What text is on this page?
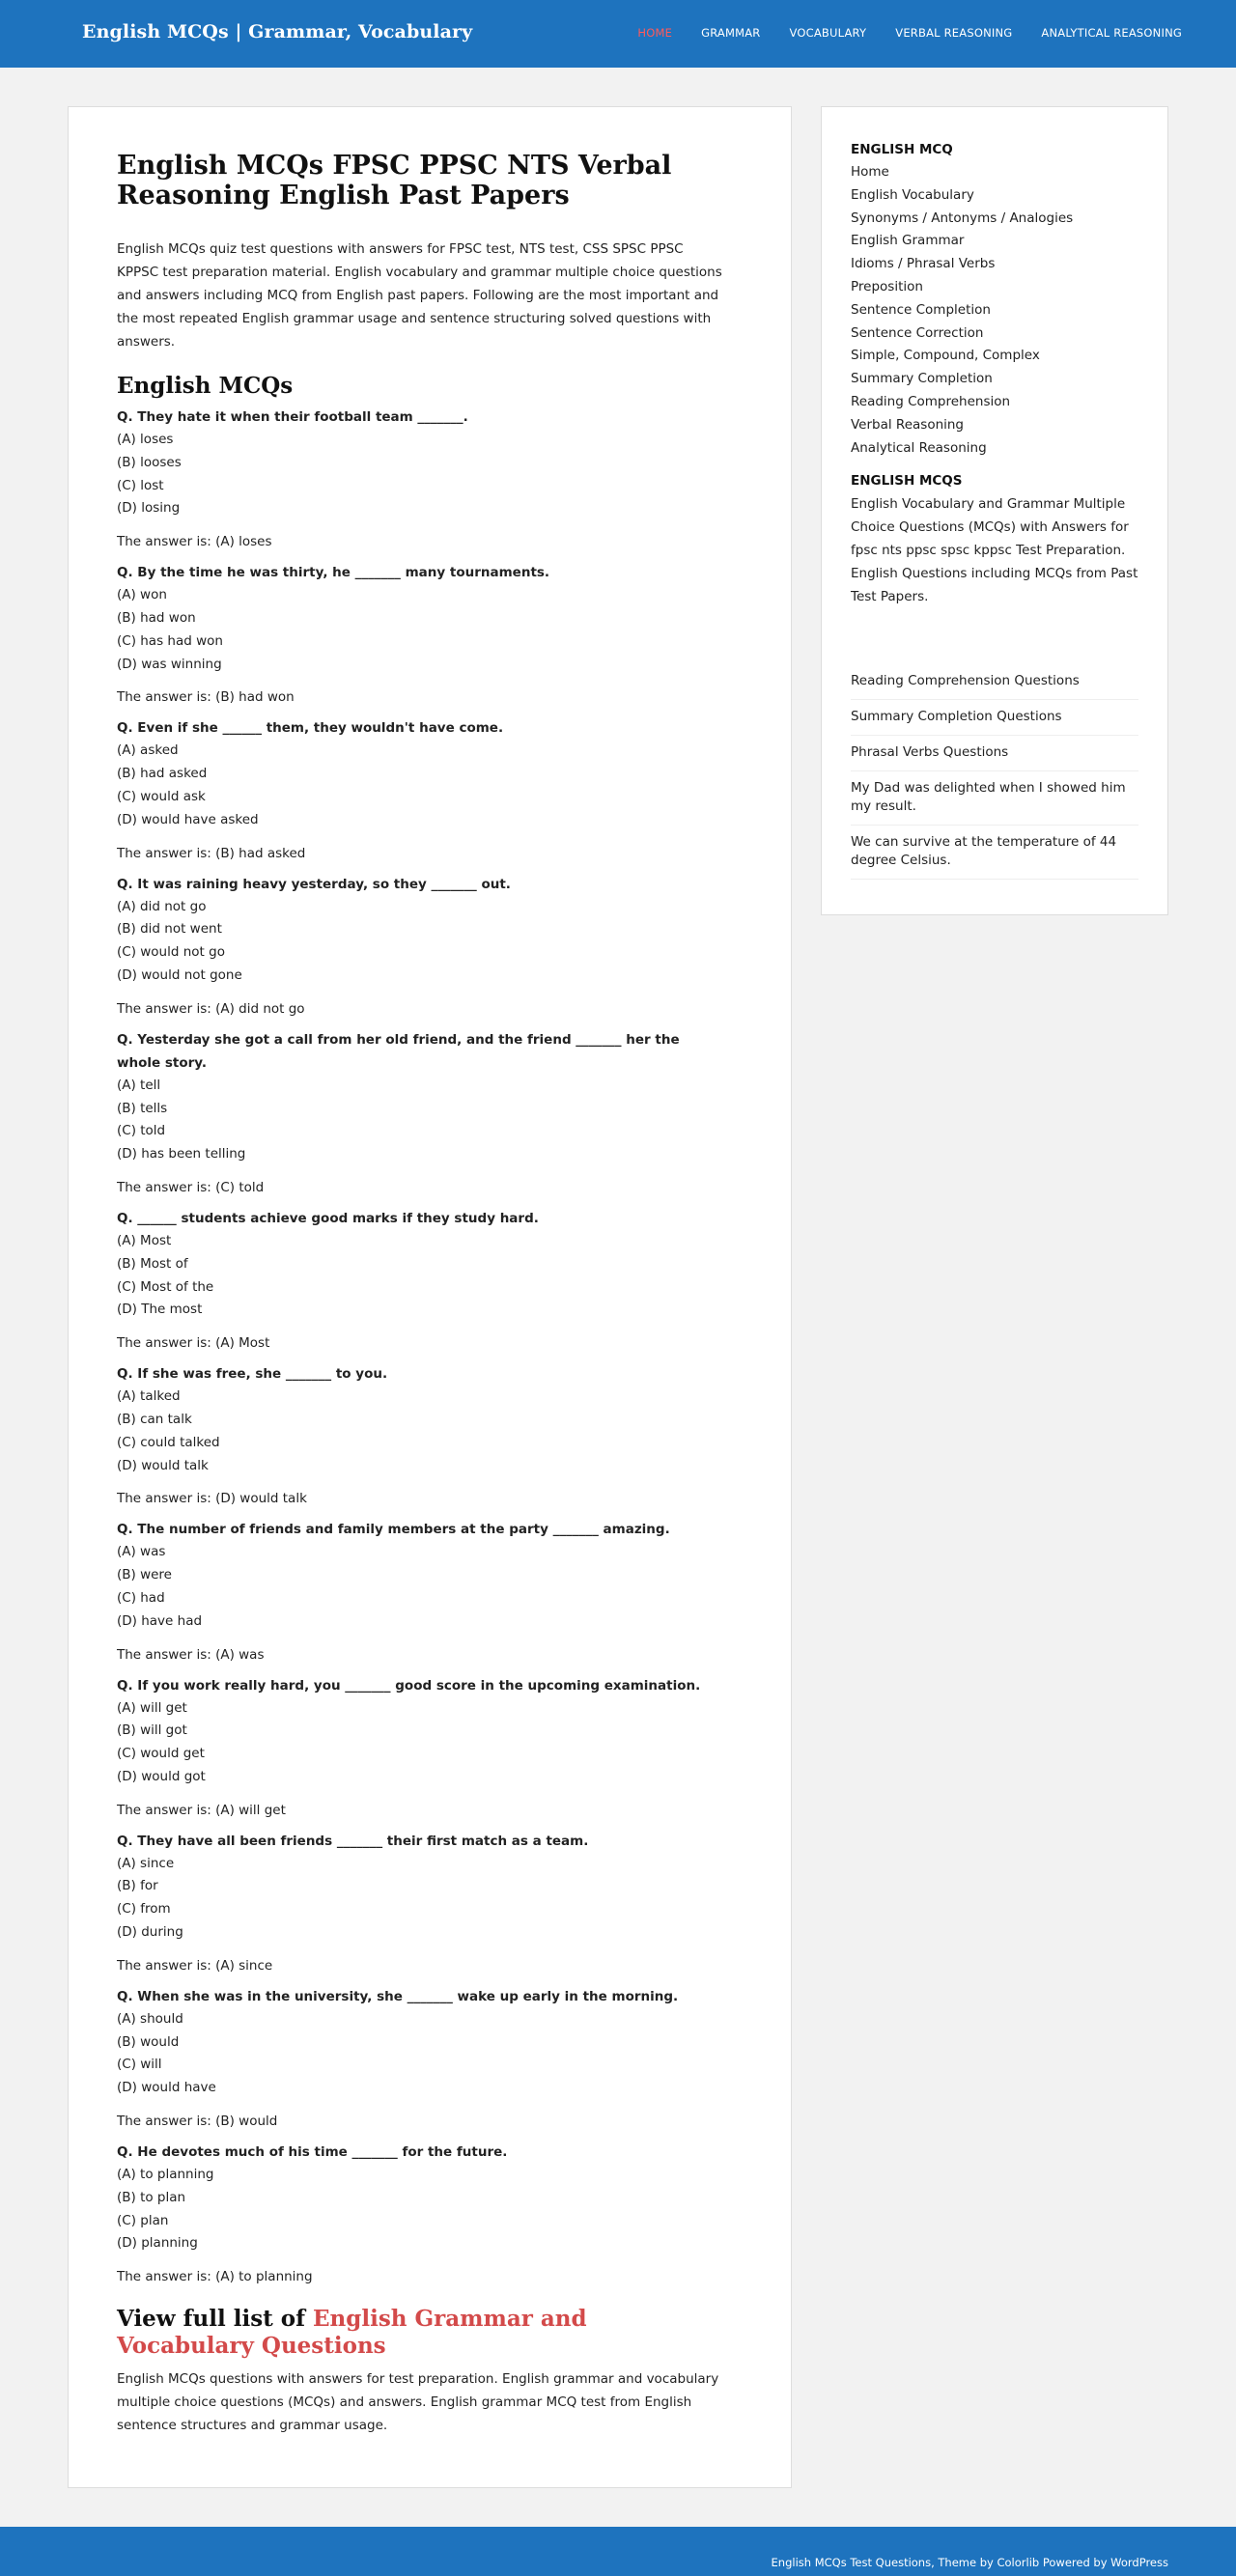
English MCQs | Grammar, Vocabulary	HOME	GRAMMAR	VOCABULARY	VERBAL REASONING	ANALYTICAL REASONING
English MCQs FPSC PPSC NTS Verbal Reasoning English Past Papers

English MCQs quiz test questions with answers for FPSC test, NTS test, CSS SPSC PPSC KPPSC test preparation material. English vocabulary and grammar multiple choice questions and answers including MCQ from English past papers. Following are the most important and the most repeated English grammar usage and sentence structuring solved questions with answers.

English MCQs
Q. They hate it when their football team _______.
(A) loses
(B) looses
(C) lost
(D) losing
The answer is: (A) loses
Q. By the time he was thirty, he _______ many tournaments.
(A) won
(B) had won
(C) has had won
(D) was winning
The answer is: (B) had won
Q. Even if she ______ them, they wouldn't have come.
(A) asked
(B) had asked
(C) would ask
(D) would have asked
The answer is: (B) had asked
Q. It was raining heavy yesterday, so they _______ out.
(A) did not go
(B) did not went
(C) would not go
(D) would not gone
The answer is: (A) did not go
Q. Yesterday she got a call from her old friend, and the friend _______ her the whole story.
(A) tell
(B) tells
(C) told
(D) has been telling
The answer is: (C) told
Q. ______ students achieve good marks if they study hard.
(A) Most
(B) Most of
(C) Most of the
(D) The most
The answer is: (A) Most
Q. If she was free, she _______ to you.
(A) talked
(B) can talk
(C) could talked
(D) would talk
The answer is: (D) would talk
Q. The number of friends and family members at the party _______ amazing.
(A) was
(B) were
(C) had
(D) have had
The answer is: (A) was
Q. If you work really hard, you _______ good score in the upcoming examination.
(A) will get
(B) will got
(C) would get
(D) would got
The answer is: (A) will get
Q. They have all been friends _______ their first match as a team.
(A) since
(B) for
(C) from
(D) during
The answer is: (A) since
Q. When she was in the university, she _______ wake up early in the morning.
(A) should
(B) would
(C) will
(D) would have
The answer is: (B) would
Q. He devotes much of his time _______ for the future.
(A) to planning
(B) to plan
(C) plan
(D) planning
The answer is: (A) to planning
View full list of English Grammar and Vocabulary Questions

English MCQs questions with answers for test preparation. English grammar and vocabulary multiple choice questions (MCQs) and answers. English grammar MCQ test from English sentence structures and grammar usage.

ENGLISH MCQ
Home
English Vocabulary
Synonyms / Antonyms / Analogies
English Grammar
Idioms / Phrasal Verbs
Preposition
Sentence Completion
Sentence Correction
Simple, Compound, Complex
Summary Completion
Reading Comprehension
Verbal Reasoning
Analytical Reasoning
ENGLISH MCQS

English Vocabulary and Grammar Multiple Choice Questions (MCQs) with Answers for fpsc nts ppsc spsc kppsc Test Preparation. English Questions including MCQs from Past Test Papers.

Reading Comprehension Questions
Summary Completion Questions
Phrasal Verbs Questions
My Dad was delighted when I showed him my result.
We can survive at the temperature of 44 degree Celsius.
English MCQs Test Questions, Theme by Colorlib Powered by WordPress
